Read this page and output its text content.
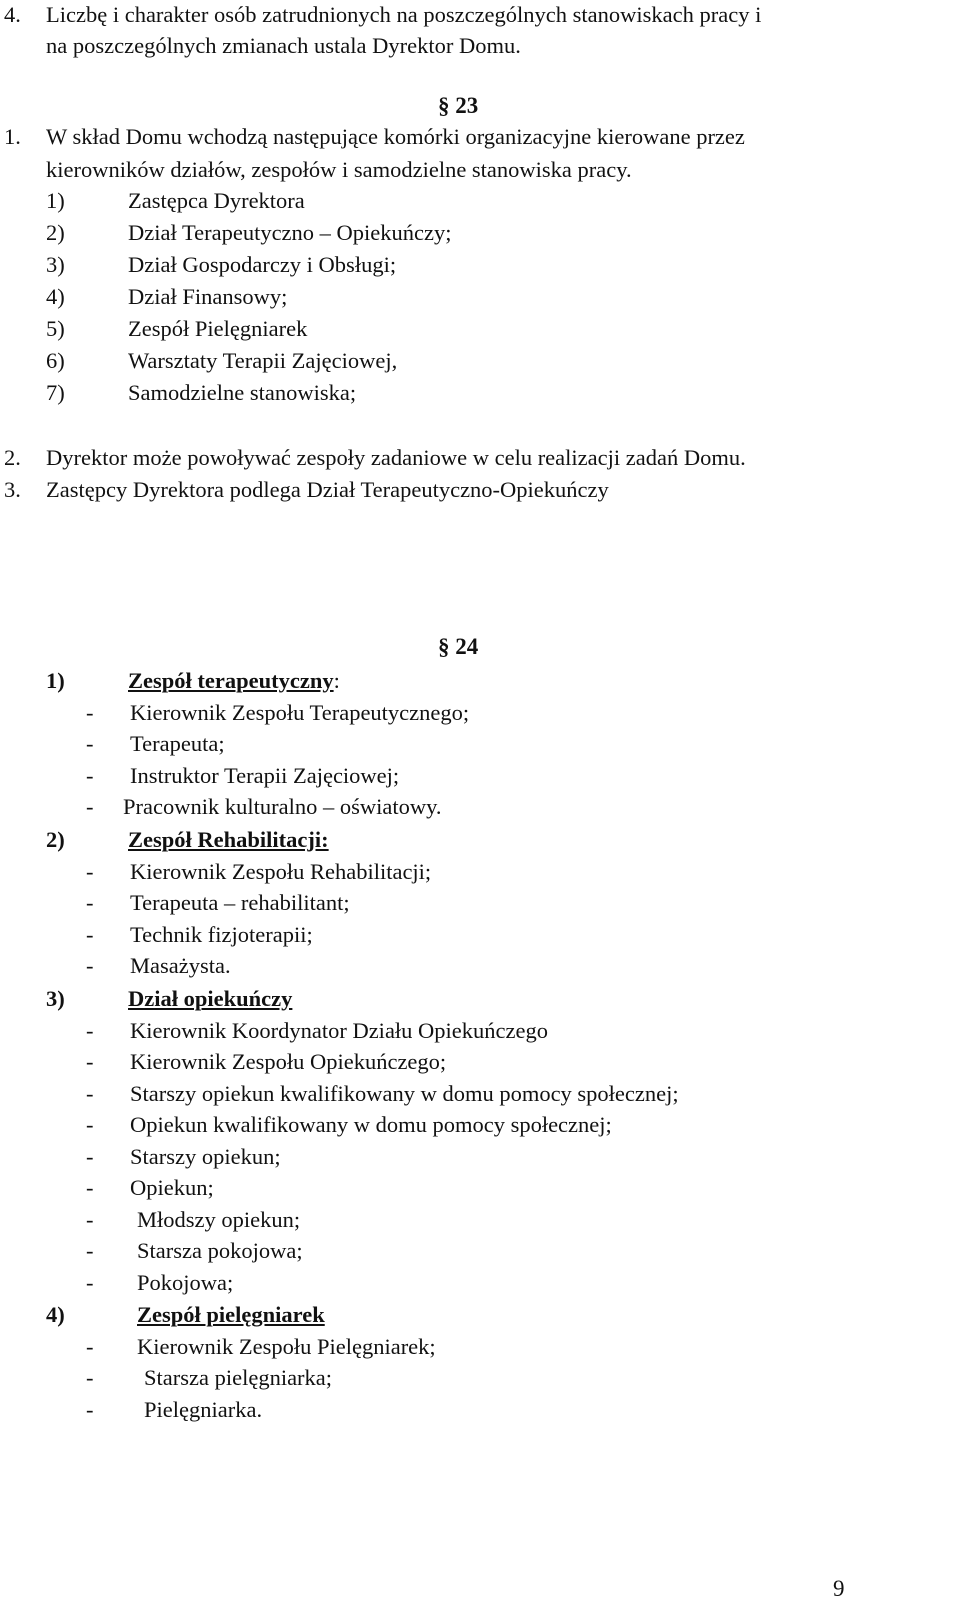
4. Liczbę i charakter osób zatrudnionych na poszczególnych stanowiskach pracy i
na poszczególnych zmianach ustala Dyrektor Domu.
§ 23
1. W skład Domu wchodzą następujące komórki organizacyjne kierowane przez
kierowników działów, zespołów i samodzielne stanowiska pracy.
1)	Zastępca Dyrektora
2)	Dział Terapeutyczno – Opiekuńczy;
3)	Dział Gospodarczy i Obsługi;
4)	Dział Finansowy;
5)	Zespół Pielęgniarek
6)	Warsztaty Terapii Zajęciowej,
7)	Samodzielne stanowiska;
2. Dyrektor może powoływać zespoły zadaniowe w celu realizacji zadań Domu.
3. Zastępcy Dyrektora podlega Dział Terapeutyczno-Opiekuńczy
§ 24
1)	Zespół terapeutyczny:
- Kierownik Zespołu Terapeutycznego;
- Terapeuta;
- Instruktor Terapii Zajęciowej;
- Pracownik kulturalno – oświatowy.
2)	Zespół Rehabilitacji:
- Kierownik Zespołu Rehabilitacji;
- Terapeuta – rehabilitant;
- Technik fizjoterapii;
- Masażysta.
3)	Dział opiekuńczy
- Kierownik Koordynator Działu Opiekuńczego
- Kierownik Zespołu Opiekuńczego;
- Starszy opiekun kwalifikowany w domu pomocy społecznej;
- Opiekun kwalifikowany w domu pomocy społecznej;
- Starszy opiekun;
- Opiekun;
- Młodszy opiekun;
- Starsza pokojowa;
- Pokojowa;
4)	Zespół pielęgniarek
- Kierownik Zespołu Pielęgniarek;
- Starsza pielęgniarka;
- Pielęgniarka.
9
